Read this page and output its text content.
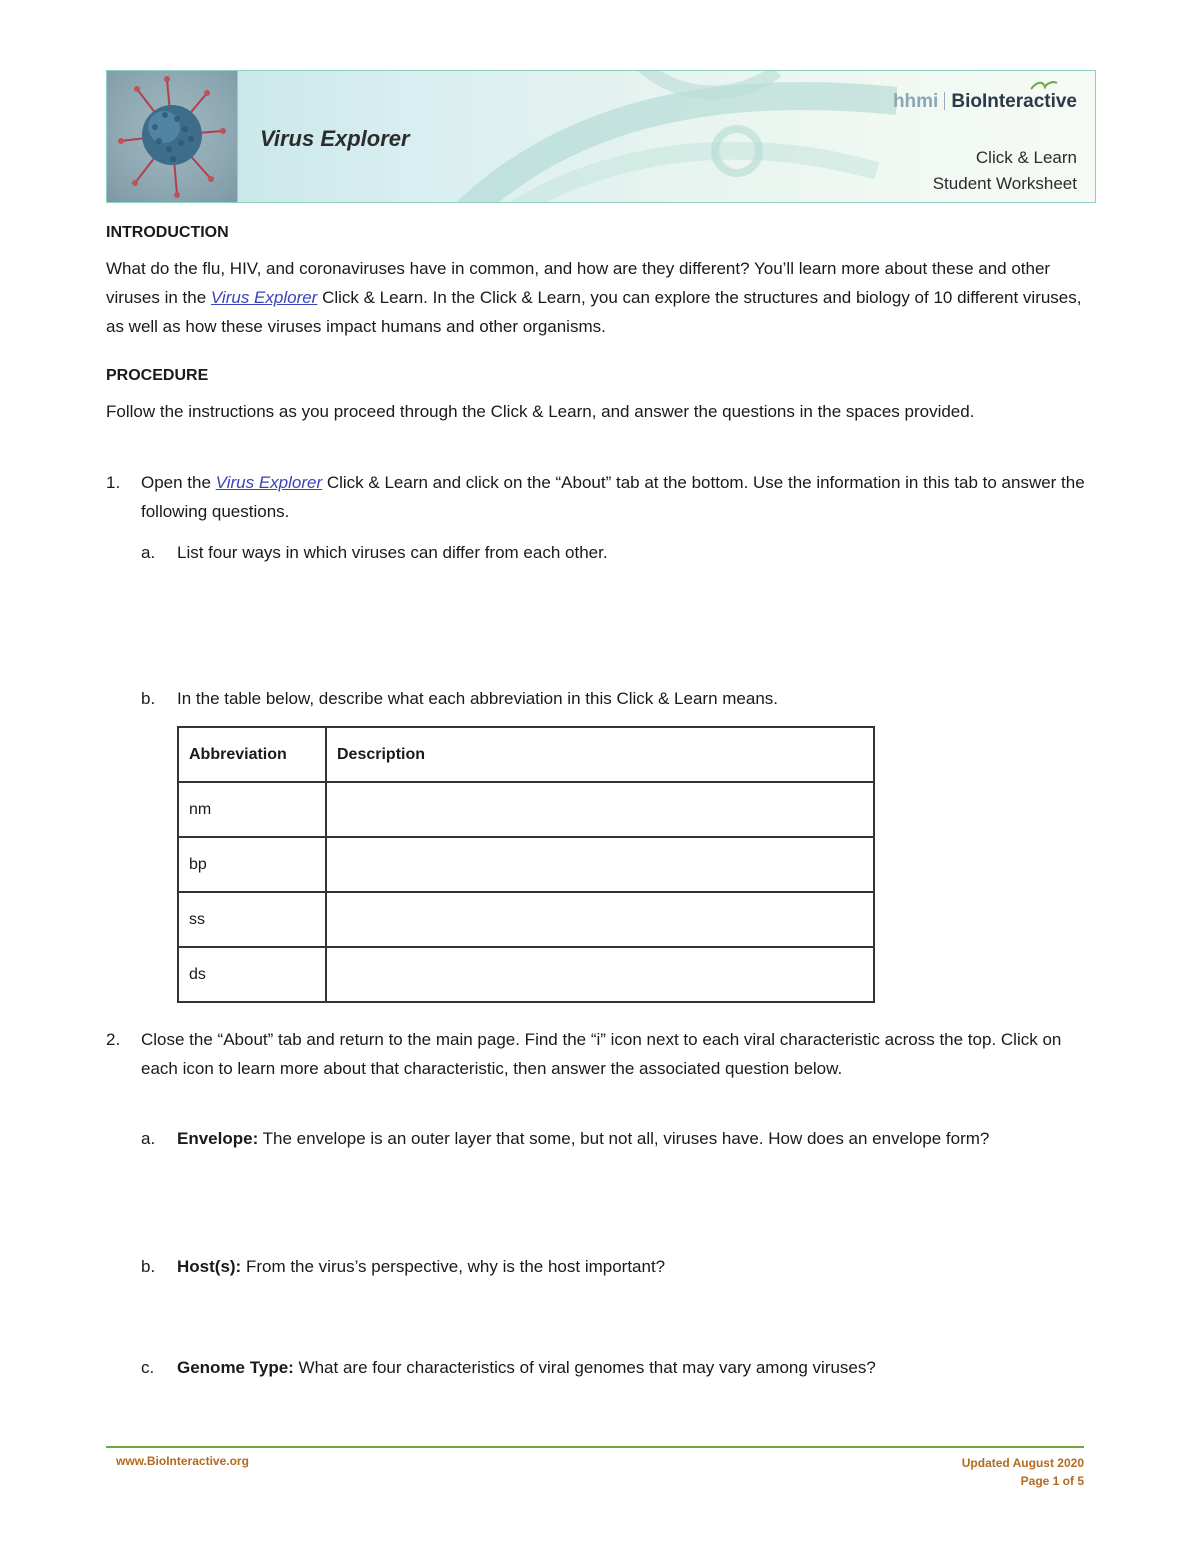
Virus Explorer
hhmi BioInteractive
Click & Learn
Student Worksheet
INTRODUCTION

What do the flu, HIV, and coronaviruses have in common, and how are they different? You’ll learn more about these and other viruses in the Virus Explorer Click & Learn. In the Click & Learn, you can explore the structures and biology of 10 different viruses, as well as how these viruses impact humans and other organisms.

PROCEDURE

Follow the instructions as you proceed through the Click & Learn, and answer the questions in the spaces provided.

1. Open the Virus Explorer Click & Learn and click on the “About” tab at the bottom. Use the information in this tab to answer the following questions.
a. List four ways in which viruses can differ from each other.
b. In the table below, describe what each abbreviation in this Click & Learn means.
Abbreviation	Description
nm	
bp	
ss	
ds	
2. Close the “About” tab and return to the main page. Find the “i” icon next to each viral characteristic across the top. Click on each icon to learn more about that characteristic, then answer the associated question below.
a. Envelope: The envelope is an outer layer that some, but not all, viruses have. How does an envelope form?
b. Host(s): From the virus’s perspective, why is the host important?
c. Genome Type: What are four characteristics of viral genomes that may vary among viruses?
www.BioInteractive.org	Updated August 2020
Page 1 of 5
